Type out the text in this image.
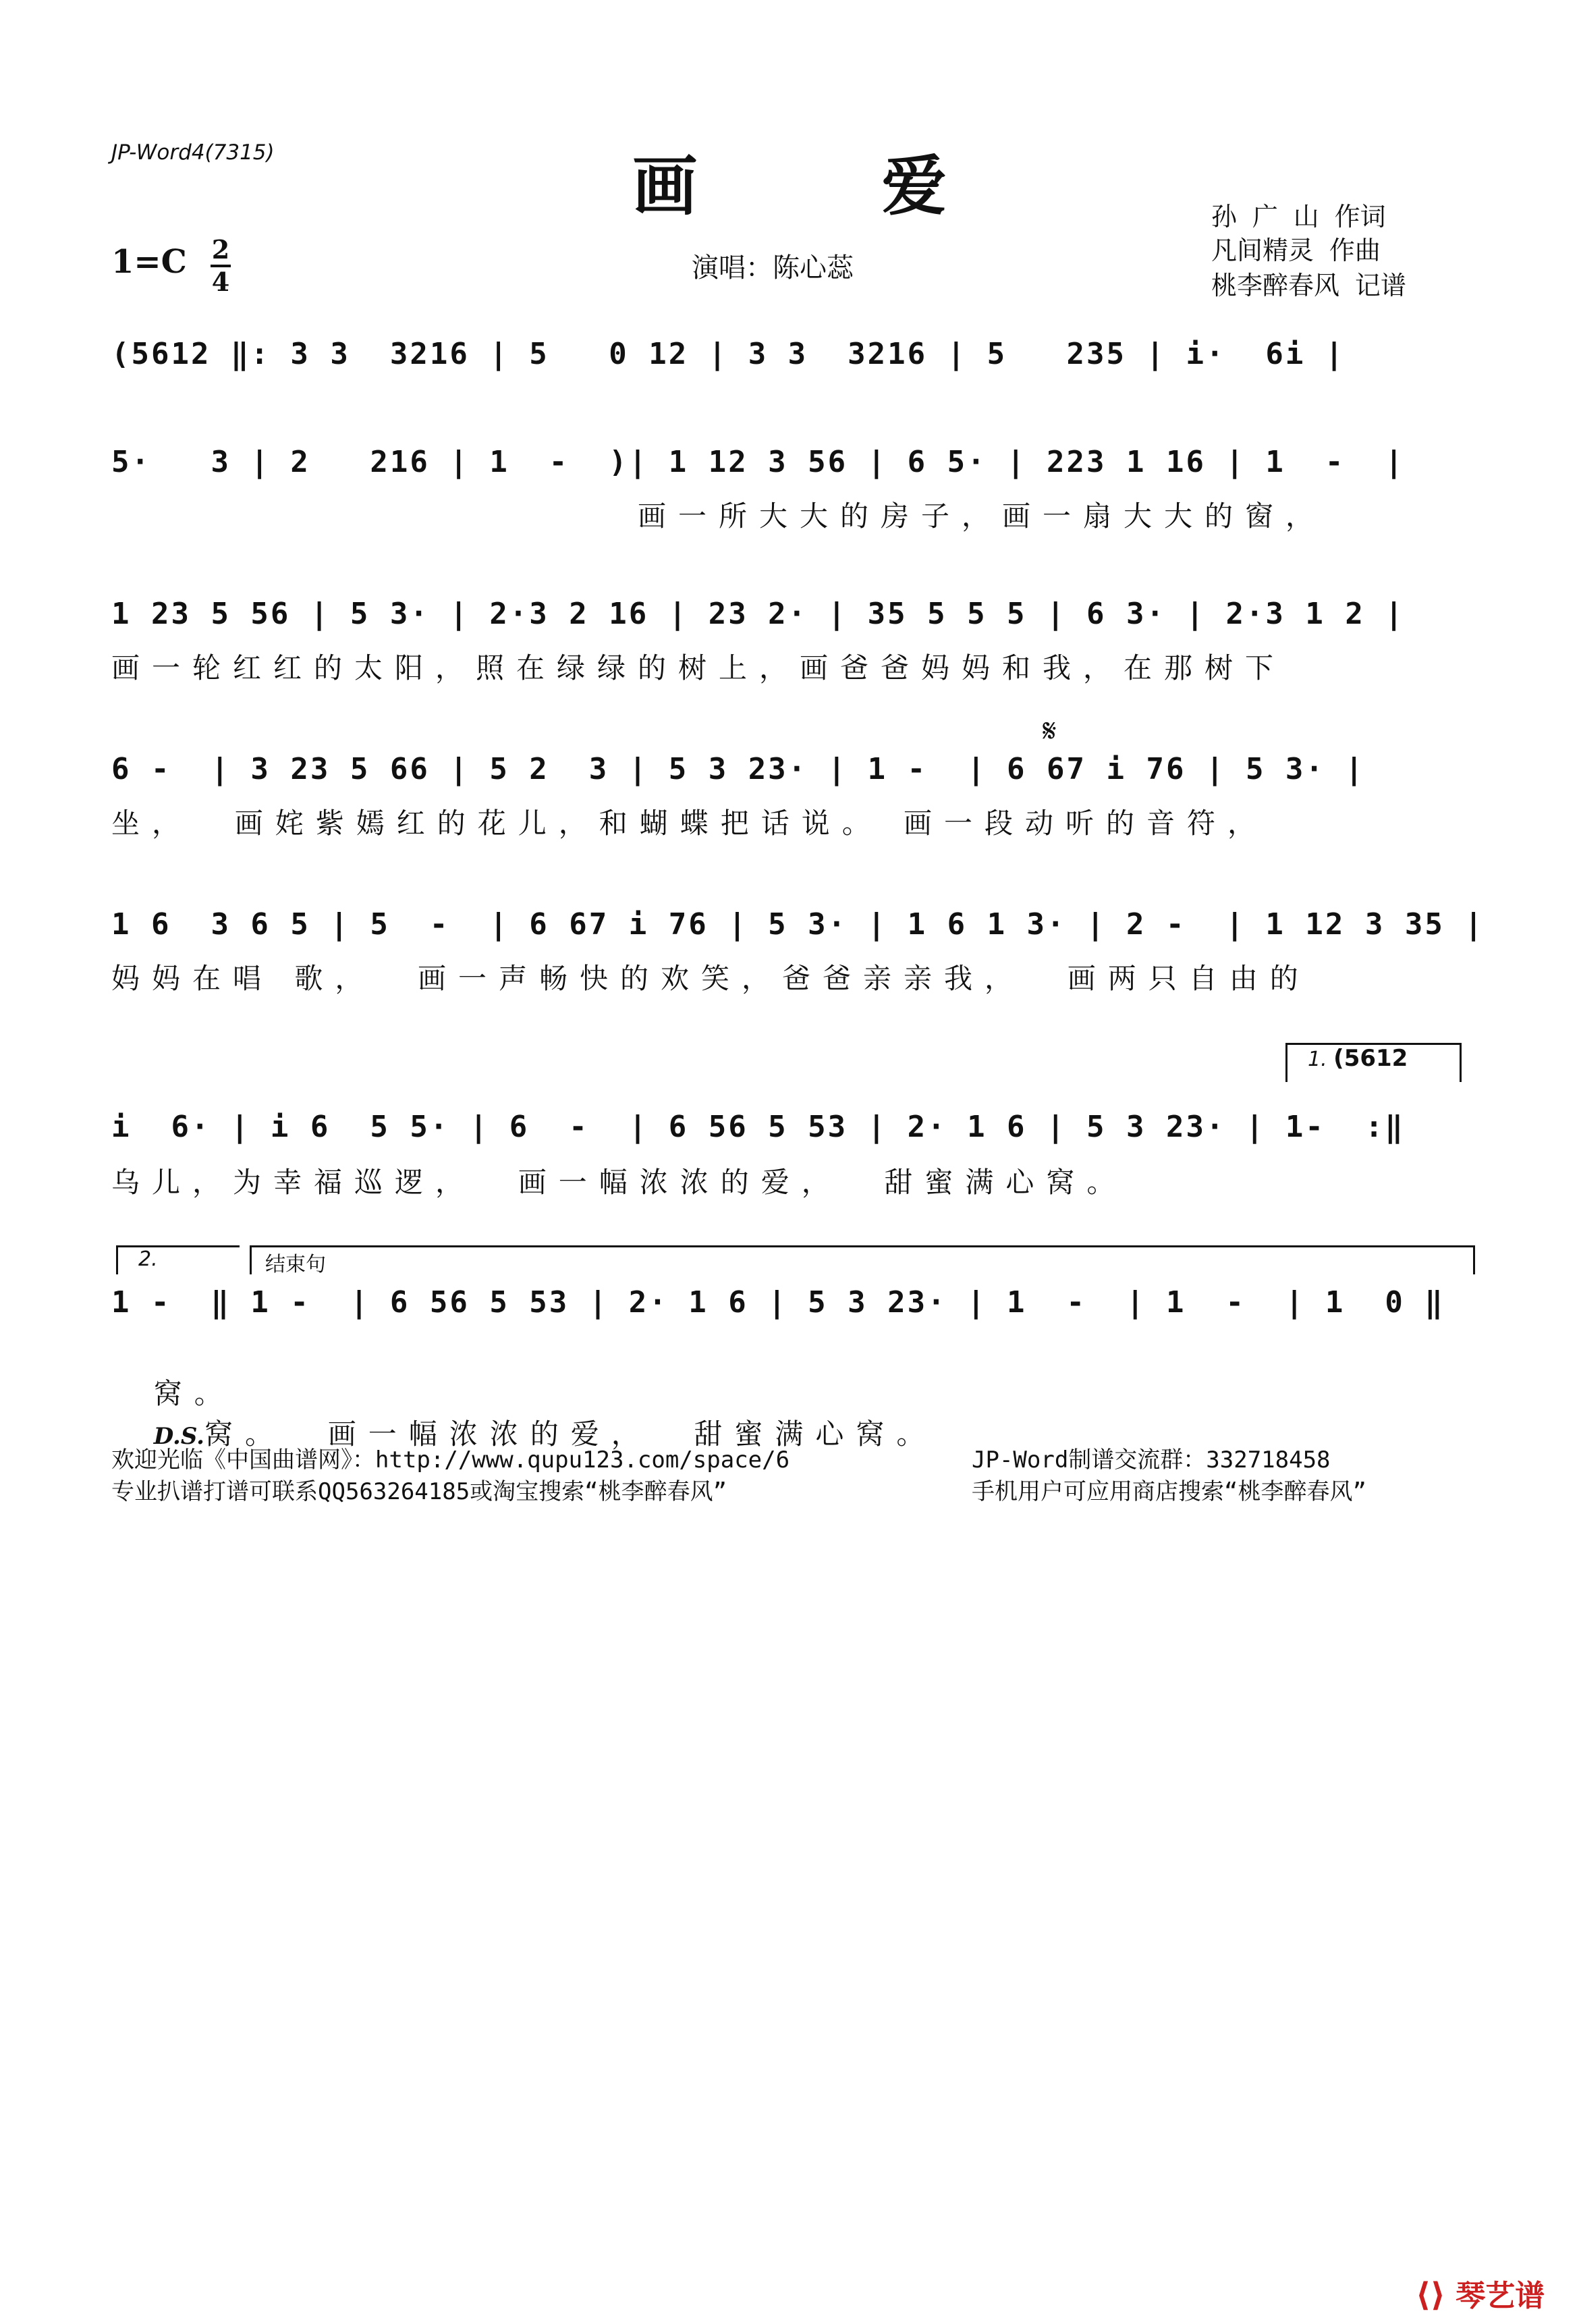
JP-Word4(7315)	画 爱
1=C 2
4	演唱：陈心蕊
孙 广 山 作词
凡间精灵 作曲
桃李醉春风 记谱
(5612 ‖: 3 3  3216 | 5   0 12 | 3 3  3216 | 5   235 | i·  6i |
5·   3 | 2   216 | 1  -  )| 1 12 3 56 | 6 5· | 223 1 16 | 1  -  |
画一所大大的房子，画一扇大大的窗，
1 23 5 56 | 5 3· | 2·3 2 16 | 23 2· | 35 5 5 5 | 6 3· | 2·3 1 2 |
画一轮红红的太阳，照在绿绿的树上，画爸爸妈妈和我，在那树下
𝄋
6 -  | 3 23 5 66 | 5 2  3 | 5 3 23· | 1 -  | 6 67 i 76 | 5 3· |
坐，  画姹紫嫣红的花儿，和蝴蝶把话说。 画一段动听的音符，
1 6  3 6 5 | 5  -  | 6 67 i 76 | 5 3· | 1 6 1 3· | 2 -  | 1 12 3 35 |
妈妈在唱 歌，  画一声畅快的欢笑，爸爸亲亲我，  画两只自由的
1. (5612
i  6· | i 6  5 5· | 6  -  | 6 56 5 53 | 2· 1 6 | 5 3 23· | 1-  :‖
乌儿，为幸福巡逻，  画一幅浓浓的爱，  甜蜜满心窝。
2.	结束句
1 -  ‖ 1 -  | 6 56 5 53 | 2· 1 6 | 5 3 23· | 1  -  | 1  -  | 1  0 ‖

窝。
D.S.窝。  画一幅浓浓的爱，  甜蜜满心窝。

欢迎光临《中国曲谱网》：http://www.qupu123.com/space/6
专业扒谱打谱可联系QQ563264185或淘宝搜索“桃李醉春风”
JP-Word制谱交流群：332718458
手机用户可应用商店搜索“桃李醉春风”
⟨⟩ 琴艺谱
